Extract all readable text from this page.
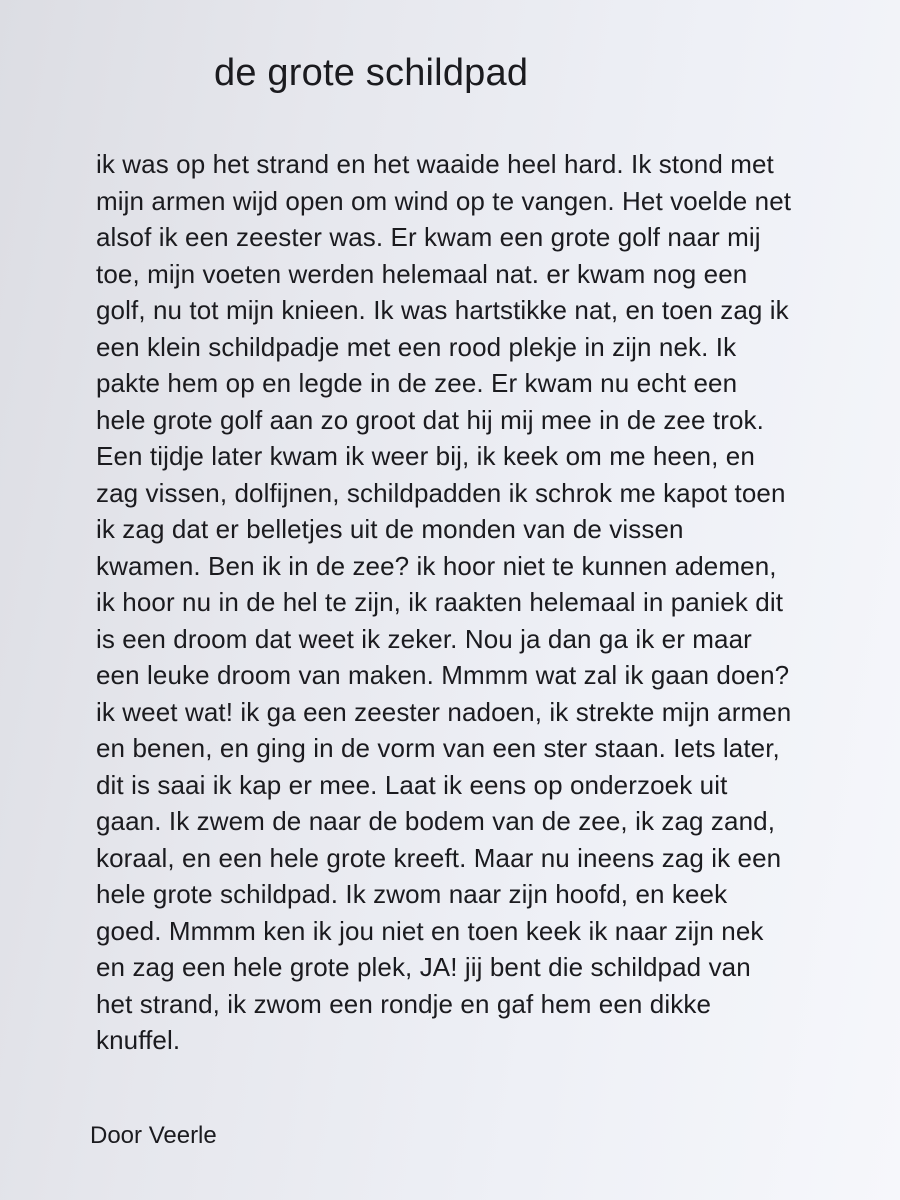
de grote schildpad
ik was op het strand en het waaide heel hard. Ik stond met
mijn armen wijd open om wind op te vangen. Het voelde net
alsof ik een zeester was. Er kwam een grote golf naar mij
toe, mijn voeten werden helemaal nat. er kwam nog een
golf, nu tot mijn knieen. Ik was hartstikke nat, en toen zag ik
een klein schildpadje met een rood plekje in zijn nek. Ik
pakte hem op en legde in de zee. Er kwam nu echt een
hele grote golf aan zo groot dat hij mij mee in de zee trok.
Een tijdje later kwam ik weer bij, ik keek om me heen, en
zag vissen, dolfijnen, schildpadden ik schrok me kapot toen
ik zag dat er belletjes uit de monden van de vissen
kwamen. Ben ik in de zee? ik hoor niet te kunnen ademen,
ik hoor nu in de hel te zijn, ik raakten helemaal in paniek dit
is een droom dat weet ik zeker. Nou ja dan ga ik er maar
een leuke droom van maken. Mmmm wat zal ik gaan doen?
ik weet wat! ik ga een zeester nadoen, ik strekte mijn armen
en benen, en ging in de vorm van een ster staan. Iets later,
dit is saai ik kap er mee. Laat ik eens op onderzoek uit
gaan. Ik zwem de naar de bodem van de zee, ik zag zand,
koraal, en een hele grote kreeft. Maar nu ineens zag ik een
hele grote schildpad. Ik zwom naar zijn hoofd, en keek
goed. Mmmm ken ik jou niet en toen keek ik naar zijn nek
en zag een hele grote plek, JA! jij bent die schildpad van
het strand, ik zwom een rondje en gaf hem een dikke
knuffel.
Door Veerle
